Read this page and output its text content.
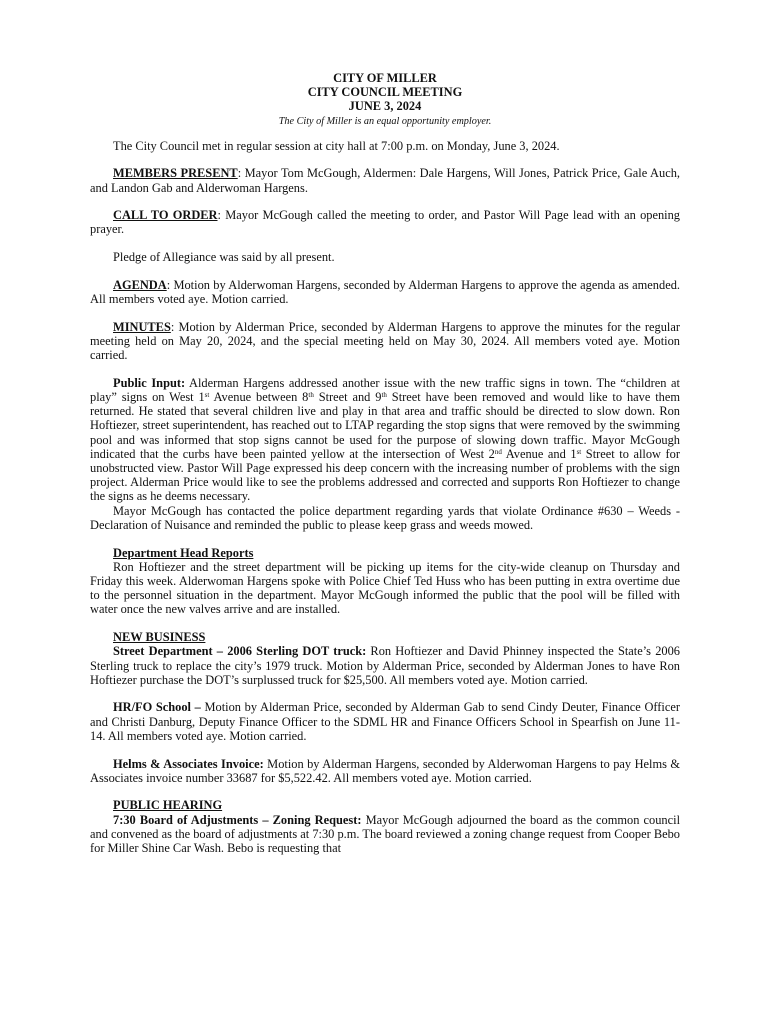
CITY OF MILLER
CITY COUNCIL MEETING
JUNE 3, 2024
The City of Miller is an equal opportunity employer.

The City Council met in regular session at city hall at 7:00 p.m. on Monday, June 3, 2024.

MEMBERS PRESENT: Mayor Tom McGough, Aldermen: Dale Hargens, Will Jones, Patrick Price, Gale Auch, and Landon Gab and Alderwoman Hargens.

CALL TO ORDER: Mayor McGough called the meeting to order, and Pastor Will Page lead with an opening prayer.

Pledge of Allegiance was said by all present.

AGENDA: Motion by Alderwoman Hargens, seconded by Alderman Hargens to approve the agenda as amended. All members voted aye. Motion carried.

MINUTES: Motion by Alderman Price, seconded by Alderman Hargens to approve the minutes for the regular meeting held on May 20, 2024, and the special meeting held on May 30, 2024. All members voted aye. Motion carried.

Public Input: Alderman Hargens addressed another issue with the new traffic signs in town. The “children at play” signs on West 1st Avenue between 8th Street and 9th Street have been removed and would like to have them returned. He stated that several children live and play in that area and traffic should be directed to slow down. Ron Hoftiezer, street superintendent, has reached out to LTAP regarding the stop signs that were removed by the swimming pool and was informed that stop signs cannot be used for the purpose of slowing down traffic. Mayor McGough indicated that the curbs have been painted yellow at the intersection of West 2nd Avenue and 1st Street to allow for unobstructed view. Pastor Will Page expressed his deep concern with the increasing number of problems with the sign project. Alderman Price would like to see the problems addressed and corrected and supports Ron Hoftiezer to change the signs as he deems necessary.

Mayor McGough has contacted the police department regarding yards that violate Ordinance #630 – Weeds - Declaration of Nuisance and reminded the public to please keep grass and weeds mowed.

Department Head Reports

Ron Hoftiezer and the street department will be picking up items for the city-wide cleanup on Thursday and Friday this week. Alderwoman Hargens spoke with Police Chief Ted Huss who has been putting in extra overtime due to the personnel situation in the department. Mayor McGough informed the public that the pool will be filled with water once the new valves arrive and are installed.

NEW BUSINESS

Street Department – 2006 Sterling DOT truck: Ron Hoftiezer and David Phinney inspected the State’s 2006 Sterling truck to replace the city’s 1979 truck. Motion by Alderman Price, seconded by Alderman Jones to have Ron Hoftiezer purchase the DOT’s surplussed truck for $25,500. All members voted aye. Motion carried.

HR/FO School – Motion by Alderman Price, seconded by Alderman Gab to send Cindy Deuter, Finance Officer and Christi Danburg, Deputy Finance Officer to the SDML HR and Finance Officers School in Spearfish on June 11-14. All members voted aye. Motion carried.

Helms & Associates Invoice: Motion by Alderman Hargens, seconded by Alderwoman Hargens to pay Helms & Associates invoice number 33687 for $5,522.42. All members voted aye. Motion carried.

PUBLIC HEARING

7:30 Board of Adjustments – Zoning Request: Mayor McGough adjourned the board as the common council and convened as the board of adjustments at 7:30 p.m. The board reviewed a zoning change request from Cooper Bebo for Miller Shine Car Wash. Bebo is requesting that
